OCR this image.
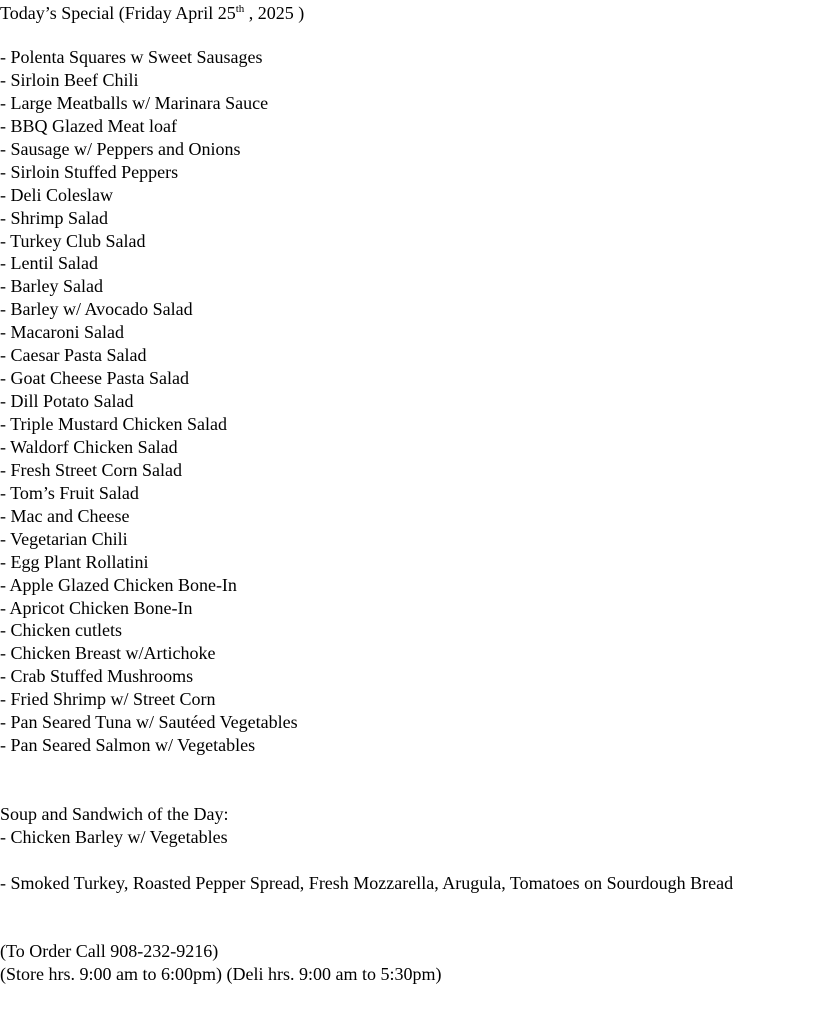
Today’s Special (Friday April 25th , 2025 )
- Polenta Squares w Sweet Sausages
- Sirloin Beef Chili
- Large Meatballs w/ Marinara Sauce
- BBQ Glazed Meat loaf
- Sausage w/ Peppers and Onions
- Sirloin Stuffed Peppers
- Deli Coleslaw
- Shrimp Salad
- Turkey Club Salad
- Lentil Salad
- Barley Salad
- Barley w/ Avocado Salad
- Macaroni Salad
- Caesar Pasta Salad
- Goat Cheese Pasta Salad
- Dill Potato Salad
- Triple Mustard Chicken Salad
- Waldorf Chicken Salad
- Fresh Street Corn Salad
- Tom’s Fruit Salad
- Mac and Cheese
- Vegetarian Chili
- Egg Plant Rollatini
- Apple Glazed Chicken Bone-In
- Apricot Chicken Bone-In
- Chicken cutlets
- Chicken Breast w/Artichoke
- Crab Stuffed Mushrooms
- Fried Shrimp w/ Street Corn
- Pan Seared Tuna w/ Sautéed Vegetables
- Pan Seared Salmon w/ Vegetables
Soup and Sandwich of the Day:
- Chicken Barley w/ Vegetables
- Smoked Turkey, Roasted Pepper Spread, Fresh Mozzarella, Arugula, Tomatoes on Sourdough Bread
(To Order Call 908-232-9216)
(Store hrs. 9:00 am to 6:00pm) (Deli hrs. 9:00 am to 5:30pm)
